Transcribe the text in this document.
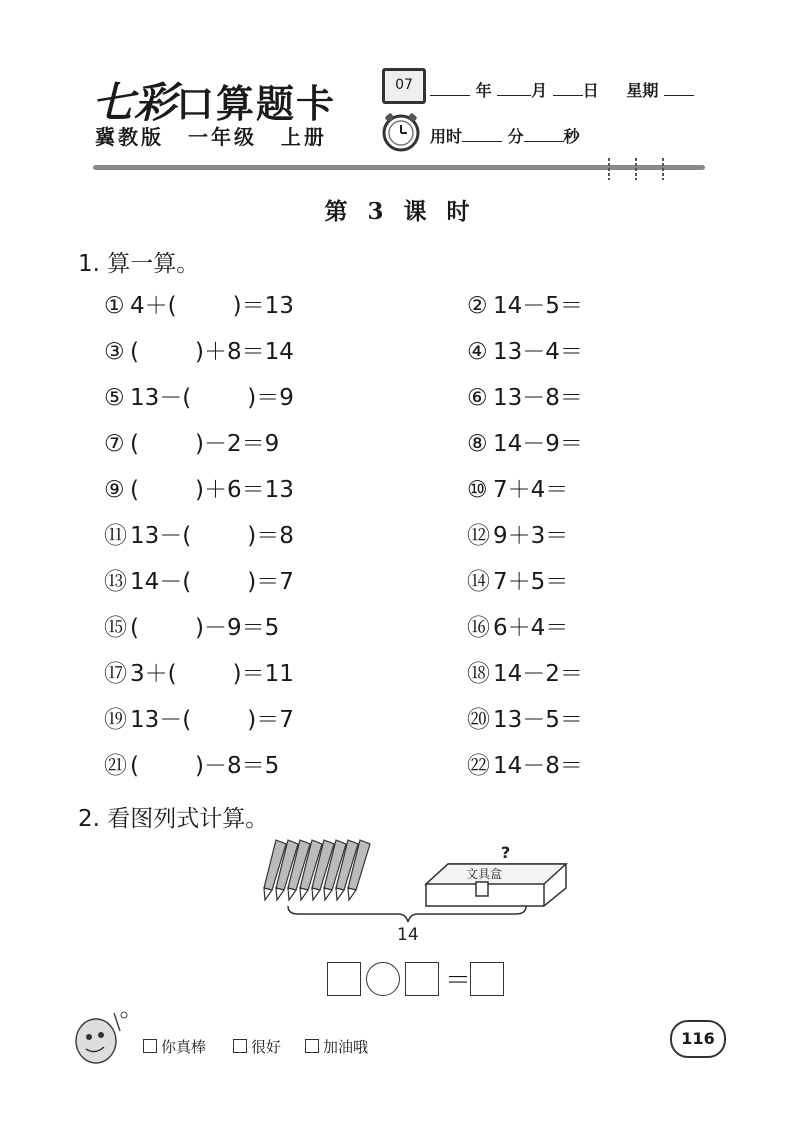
七彩口算题卡
冀教版 一年级 上册
07	年 月 日 星期
用时	分	秒
第 3 课 时
1. 算一算。
① 4＋( )＝13	② 14－5＝
③ ( )＋8＝14	④ 13－4＝
⑤ 13－( )＝9	⑥ 13－8＝
⑦ ( )－2＝9	⑧ 14－9＝
⑨ ( )＋6＝13	⑩ 7＋4＝
⑪ 13－( )＝8	⑫ 9＋3＝
⑬ 14－( )＝7	⑭ 7＋5＝
⑮ ( )－9＝5	⑯ 6＋4＝
⑰ 3＋( )＝11	⑱ 14－2＝
⑲ 13－( )＝7	⑳ 13－5＝
㉑ ( )－8＝5	㉒ 14－8＝
2. 看图列式计算。
文具盒
?
14
＝
你真棒	很好	加油哦	116
